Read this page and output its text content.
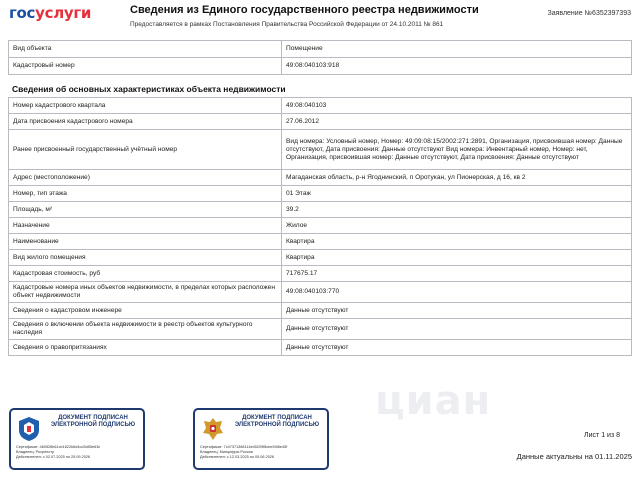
госуслуги	Сведения из Единого государственного реестра недвижимости
Предоставляется в рамках Постановления Правительства Российской Федерации от 24.10.2011 № 861
Заявление №6352397393
Вид объекта	Помещение
Кадастровый номер	49:08:040103:918
Сведения об основных характеристиках объекта недвижимости
Номер кадастрового квартала	49:08:040103
Дата присвоения кадастрового номера	27.06.2012
Ранее присвоенный государственный учётный номер	Вид номера: Условный номер, Номер: 49:09:08:15/2002:271:2891, Организация, присвоившая номер: Данные отсутствуют, Дата присвоения: Данные отсутствуют Вид номера: Инвентарный номер, Номер: нет, Организация, присвоившая номер: Данные отсутствуют, Дата присвоения: Данные отсутствуют
Адрес (местоположение)	Магаданская область, р-н Ягоднинский, п Оротукан, ул Пионерская, д 16, кв 2
Номер, тип этажа	01 Этаж
Площадь, м²	39.2
Назначение	Жилое
Наименование	Квартира
Вид жилого помещения	Квартира
Кадастровая стоимость, руб	717675.17
Кадастровые номера иных объектов недвижимости, в пределах которых расположен объект недвижимости	49:08:040103:770
Сведения о кадастровом инженере	Данные отсутствуют
Сведения о включении объекта недвижимости в реестр объектов культурного наследия	Данные отсутствуют
Сведения о правопритязаниях	Данные отсутствуют
циан
ДОКУМЕНТ ПОДПИСАН ЭЛЕКТРОННОЙ ПОДПИСЬЮ
Сертификат: 4b0528b61cb1622b6d4cd3d55e63c
Владелец: Росреестр
Действителен: с 02.07.2025 по 25.09.2026
ДОКУМЕНТ ПОДПИСАН ЭЛЕКТРОННОЙ ПОДПИСЬЮ
Сертификат: 7c47371368114e45209f8cbef406e45f
Владелец: Минцифры России
Действителен: с 12.03.2025 по 05.06.2026
Лист 1 из 8
Данные актуальны на 01.11.2025
